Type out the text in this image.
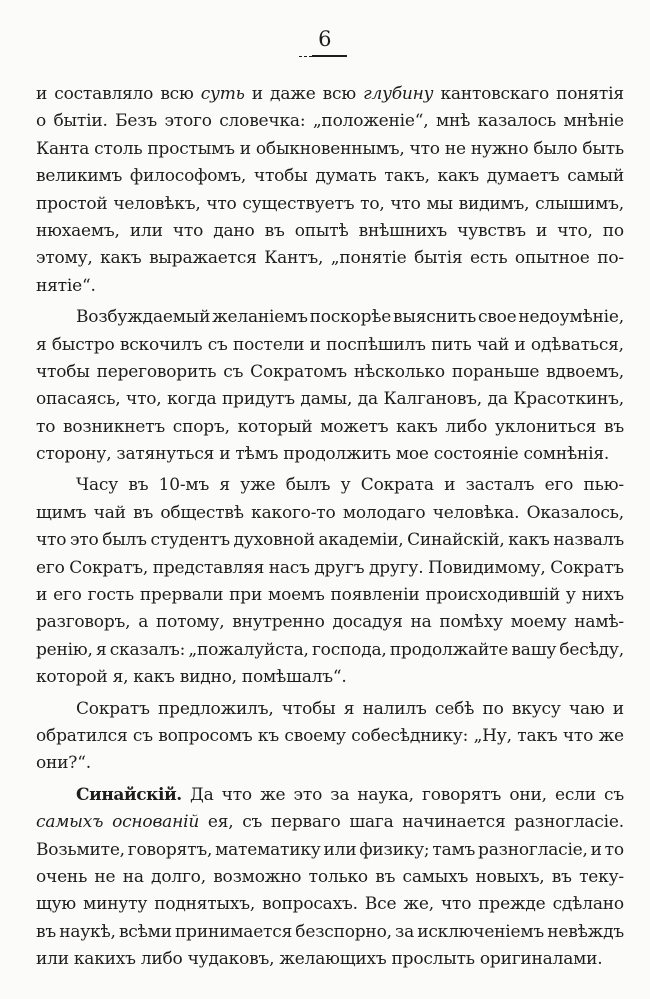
6
и составляло всю суть и даже всю глубину кантовскаго понятія
о бытіи. Безъ этого словечка: „положеніе“, мнѣ казалось мнѣніе
Канта столь простымъ и обыкновеннымъ, что не нужно было быть
великимъ философомъ, чтобы думать такъ, какъ думаетъ самый
простой человѣкъ, что существуетъ то, что мы видимъ, слышимъ,
нюхаемъ, или что дано въ опытѣ внѣшнихъ чувствъ и что, по
этому, какъ выражается Кантъ, „понятіе бытія есть опытное по-
нятіе“.
Возбуждаемый желаніемъ поскорѣе выяснить свое недоумѣніе,
я быстро вскочилъ съ постели и поспѣшилъ пить чай и одѣваться,
чтобы переговорить съ Сократомъ нѣсколько пораньше вдвоемъ,
опасаясь, что, когда придутъ дамы, да Калгановъ, да Красоткинъ,
то возникнетъ споръ, который можетъ какъ либо уклониться въ
сторону, затянуться и тѣмъ продолжить мое состояніе сомнѣнія.
Часу въ 10-мъ я уже былъ у Сократа и засталъ его пью-
щимъ чай въ обществѣ какого-то молодаго человѣка. Оказалось,
что это былъ студентъ духовной академіи, Синайскій, какъ назвалъ
его Сократъ, представляя насъ другъ другу. Повидимому, Сократъ
и его гость прервали при моемъ появленіи происходившій у нихъ
разговоръ, а потому, внутренно досадуя на помѣху моему намѣ-
ренію, я сказалъ: „пожалуйста, господа, продолжайте вашу бесѣду,
которой я, какъ видно, помѣшалъ“.
Сократъ предложилъ, чтобы я налилъ себѣ по вкусу чаю и
обратился съ вопросомъ къ своему собесѣднику: „Ну, такъ что же
они?“.
Синайскій. Да что же это за наука, говорятъ они, если съ
самыхъ основаній ея, съ перваго шага начинается разногласіе.
Возьмите, говорятъ, математику или физику; тамъ разногласіе, и то
очень не на долго, возможно только въ самыхъ новыхъ, въ теку-
щую минуту поднятыхъ, вопросахъ. Все же, что прежде сдѣлано
въ наукѣ, всѣми принимается безспорно, за исключеніемъ невѣждъ
или какихъ либо чудаковъ, желающихъ прослыть оригиналами.
